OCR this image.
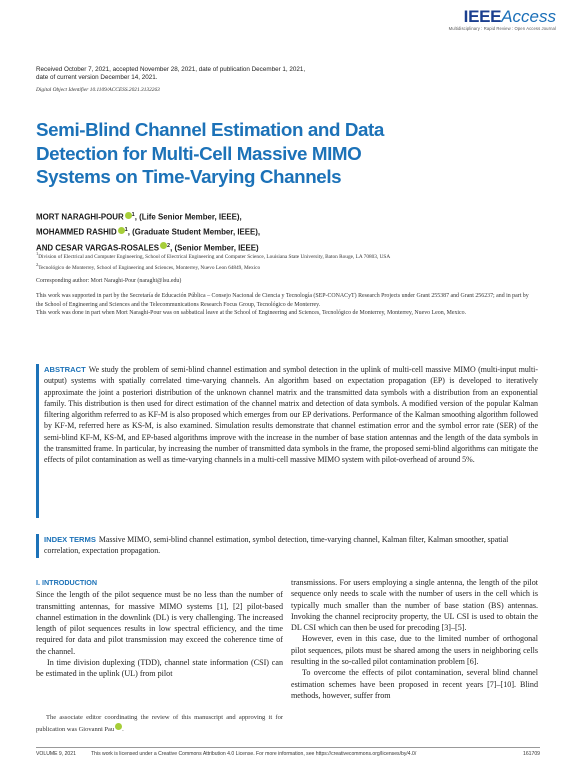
IEEEAccess
Multidisciplinary : Rapid Review : Open Access Journal
Received October 7, 2021, accepted November 28, 2021, date of publication December 1, 2021,
date of current version December 14, 2021.
Digital Object Identifier 10.1109/ACCESS.2021.3132263
Semi-Blind Channel Estimation and Data Detection for Multi-Cell Massive MIMO Systems on Time-Varying Channels
MORT NARAGHI-POUR $^1$, (Life Senior Member, IEEE),
MOHAMMED RASHID $^1$, (Graduate Student Member, IEEE),
AND CESAR VARGAS-ROSALES $^2$, (Senior Member, IEEE)
$^1$Division of Electrical and Computer Engineering, School of Electrical Engineering and Computer Science, Louisiana State University, Baton Rouge, LA 70803, USA
$^2$Tecnológico de Monterrey, School of Engineering and Sciences, Monterrey, Nuevo Leon 64849, Mexico
Corresponding author: Mort Naraghi-Pour (naraghi@lsu.edu)
This work was supported in part by the Secretaría de Educación Pública – Consejo Nacional de Ciencia y Tecnología (SEP-CONACyT) Research Projects under Grant 255387 and Grant 256237; and in part by the School of Engineering and Sciences and the Telecommunications Research Focus Group, Tecnológico de Monterrey.
This work was done in part when Mort Naraghi-Pour was on sabbatical leave at the School of Engineering and Sciences, Tecnológico de Monterrey, Monterrey, Nuevo Leon, Mexico.
ABSTRACT We study the problem of semi-blind channel estimation and symbol detection in the uplink of multi-cell massive MIMO (multi-input multi-output) systems with spatially correlated time-varying channels. An algorithm based on expectation propagation (EP) is developed to iteratively approximate the joint a posteriori distribution of the unknown channel matrix and the transmitted data symbols with a distribution from an exponential family. This distribution is then used for direct estimation of the channel matrix and detection of data symbols. A modified version of the popular Kalman filtering algorithm referred to as KF-M is also proposed which emerges from our EP derivations. Performance of the Kalman smoothing algorithm followed by KF-M, referred here as KS-M, is also examined. Simulation results demonstrate that channel estimation error and the symbol error rate (SER) of the semi-blind KF-M, KS-M, and EP-based algorithms improve with the increase in the number of base station antennas and the length of the data symbols in the transmitted frame. In particular, by increasing the number of transmitted data symbols in the frame, the proposed semi-blind algorithms can mitigate the effects of pilot contamination as well as time-varying channels in a multi-cell massive MIMO system with pilot-overhead of around 5%.
INDEX TERMS Massive MIMO, semi-blind channel estimation, symbol detection, time-varying channel, Kalman filter, Kalman smoother, spatial correlation, expectation propagation.
I. INTRODUCTION

Since the length of the pilot sequence must be no less than the number of transmitting antennas, for massive MIMO systems [1], [2] pilot-based channel estimation in the downlink (DL) is very challenging. The increased length of pilot sequences results in low spectral efficiency, and the time required for data and pilot transmission may exceed the coherence time of the channel.

In time division duplexing (TDD), channel state information (CSI) can be estimated in the uplink (UL) from pilot

The associate editor coordinating the review of this manuscript and approving it for publication was Giovanni Pau .

transmissions. For users employing a single antenna, the length of the pilot sequence only needs to scale with the number of users in the cell which is typically much smaller than the number of base station (BS) antennas. Invoking the channel reciprocity property, the UL CSI is used to obtain the DL CSI which can then be used for precoding [3]–[5].

However, even in this case, due to the limited number of orthogonal pilot sequences, pilots must be shared among the users in neighboring cells resulting in the so-called pilot contamination problem [6].

To overcome the effects of pilot contamination, several blind channel estimation schemes have been proposed in recent years [7]–[10]. Blind methods, however, suffer from

VOLUME 9, 2021	This work is licensed under a Creative Commons Attribution 4.0 License. For more information, see https://creativecommons.org/licenses/by/4.0/	161709
